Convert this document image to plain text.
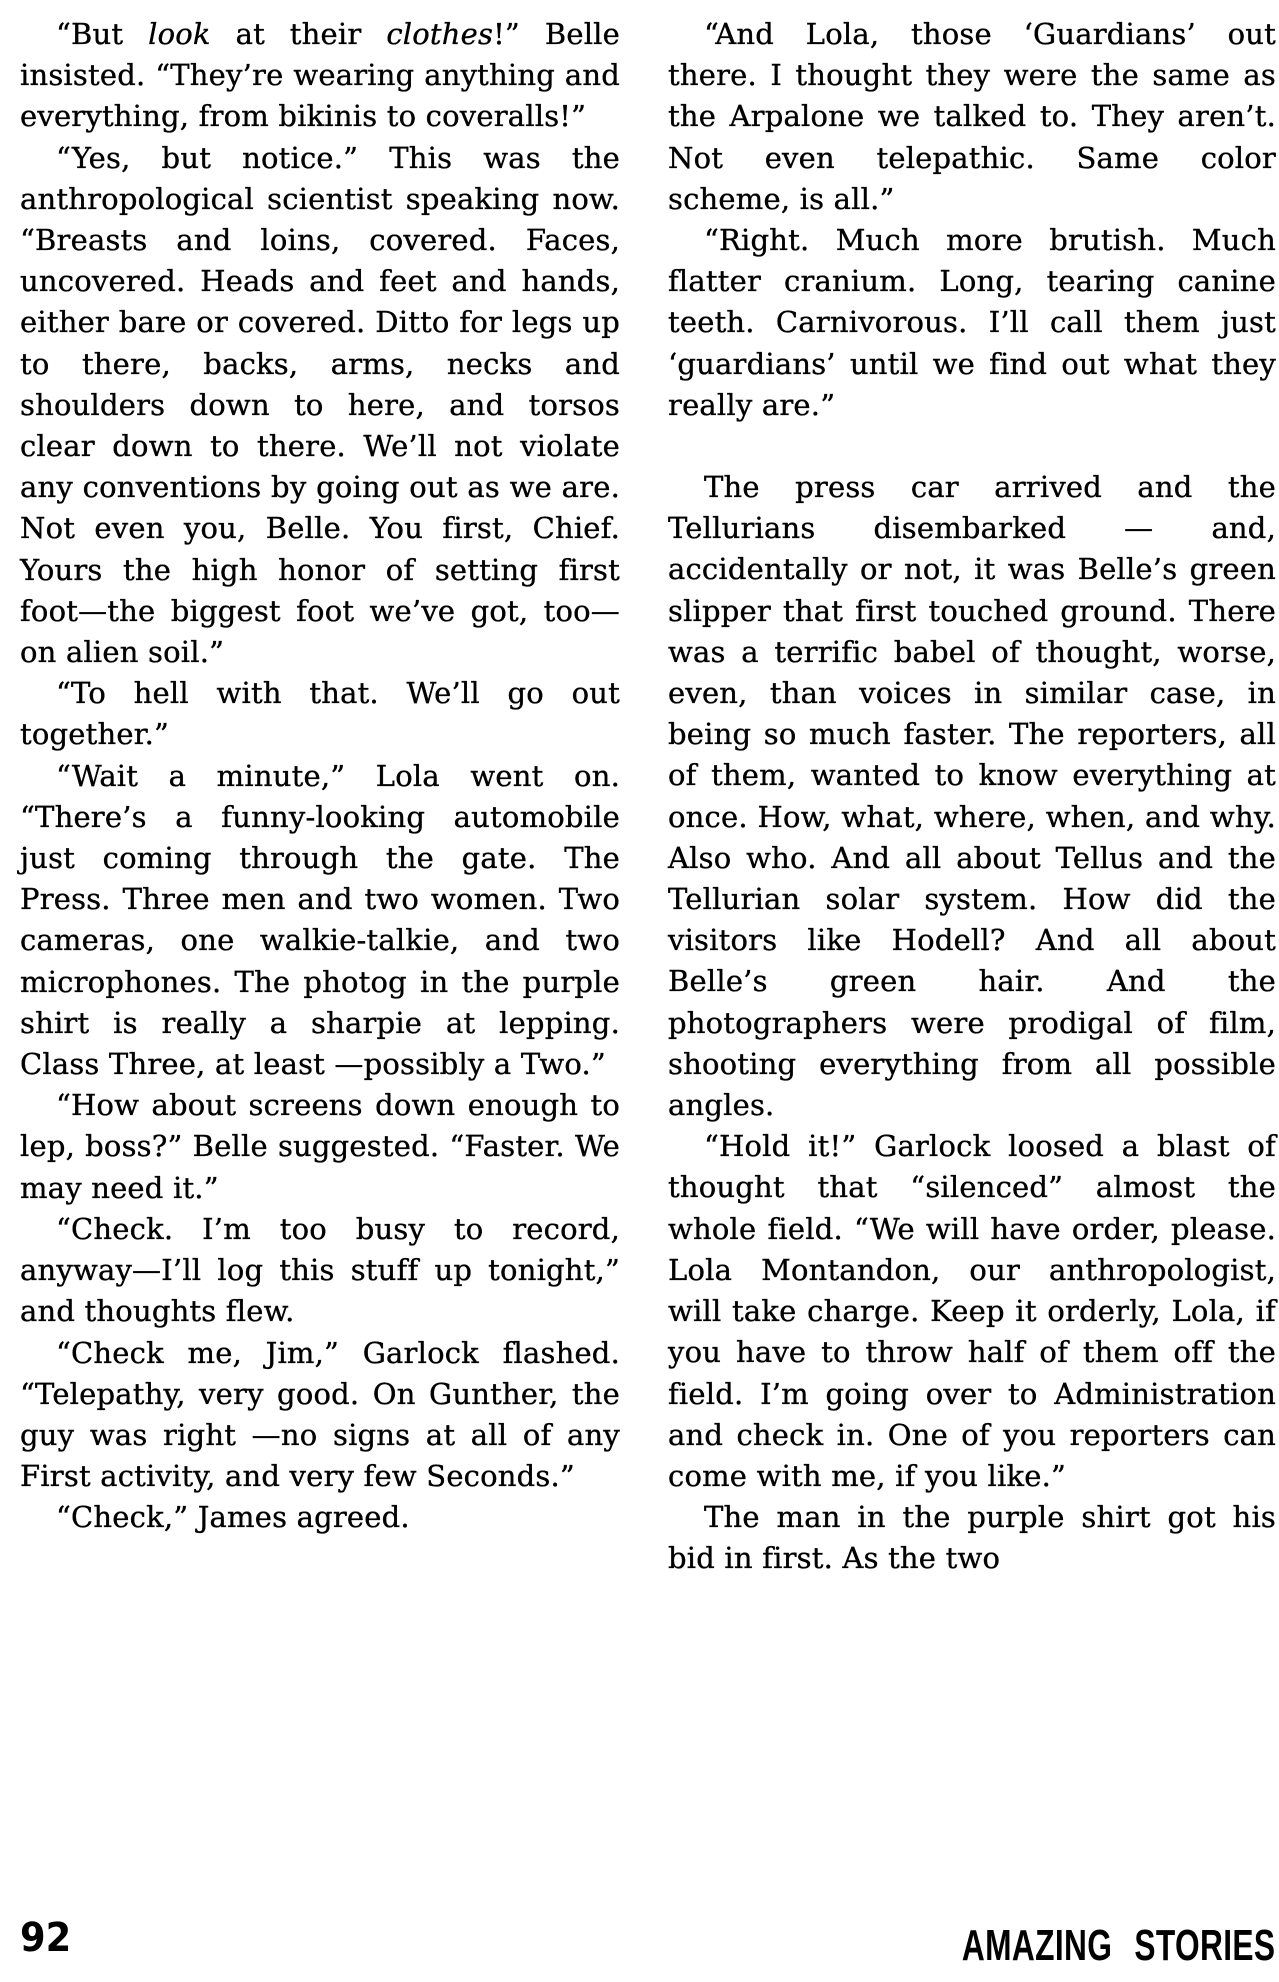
“But look at their clothes!” Belle insisted. “They’re wearing anything and everything, from bikinis to coveralls!”

“Yes, but notice.” This was the anthropological scientist speaking now. “Breasts and loins, covered. Faces, uncovered. Heads and feet and hands, either bare or covered. Ditto for legs up to there, backs, arms, necks and shoulders down to here, and torsos clear down to there. We’ll not violate any conventions by going out as we are. Not even you, Belle. You first, Chief. Yours the high honor of setting first foot—the biggest foot we’ve got, too—on alien soil.”

“To hell with that. We’ll go out together.”

“Wait a minute,” Lola went on. “There’s a funny-looking automobile just coming through the gate. The Press. Three men and two women. Two cameras, one walkie-talkie, and two microphones. The photog in the purple shirt is really a sharpie at lepping. Class Three, at least —possibly a Two.”

“How about screens down enough to lep, boss?” Belle suggested. “Faster. We may need it.”

“Check. I’m too busy to record, anyway—I’ll log this stuff up tonight,” and thoughts flew.

“Check me, Jim,” Garlock flashed. “Telepathy, very good. On Gunther, the guy was right —no signs at all of any First activity, and very few Seconds.”

“Check,” James agreed.

“And Lola, those ‘Guardians’ out there. I thought they were the same as the Arpalone we talked to. They aren’t. Not even telepathic. Same color scheme, is all.”

“Right. Much more brutish. Much flatter cranium. Long, tearing canine teeth. Carnivorous. I’ll call them just ‘guardians’ until we find out what they really are.”

The press car arrived and the Tellurians disembarked — and, accidentally or not, it was Belle’s green slipper that first touched ground. There was a terrific babel of thought, worse, even, than voices in similar case, in being so much faster. The reporters, all of them, wanted to know everything at once. How, what, where, when, and why. Also who. And all about Tellus and the Tellurian solar system. How did the visitors like Hodell? And all about Belle’s green hair. And the photographers were prodigal of film, shooting everything from all possible angles.

“Hold it!” Garlock loosed a blast of thought that “silenced” almost the whole field. “We will have order, please. Lola Montandon, our anthropologist, will take charge. Keep it orderly, Lola, if you have to throw half of them off the field. I’m going over to Administration and check in. One of you reporters can come with me, if you like.”

The man in the purple shirt got his bid in first. As the two

92	AMAZING STORIES
